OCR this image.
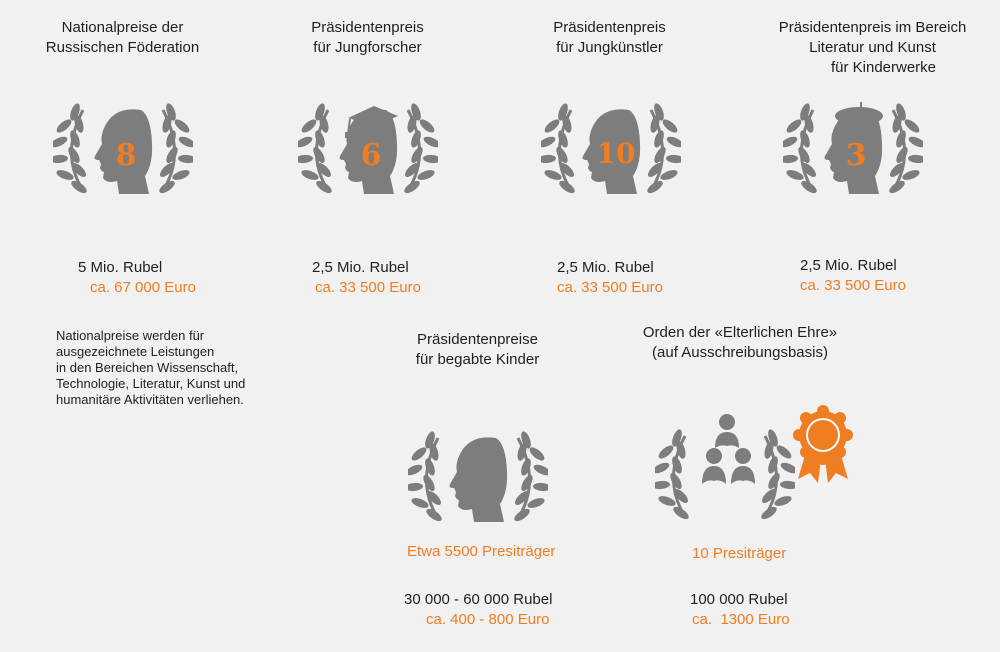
Nationalpreise der
Russischen Föderation
8
5 Mio. Rubel
ca. 67 000 Euro
Präsidentenpreis
für Jungforscher
6
2,5 Mio. Rubel
ca. 33 500 Euro
Präsidentenpreis
für Jungkünstler
10
2,5 Mio. Rubel
ca. 33 500 Euro
Präsidentenpreis im Bereich
Literatur und Kunst
für Kinderwerke
3
2,5 Mio. Rubel
ca. 33 500 Euro
Nationalpreise werden für
ausgezeichnete Leistungen
in den Bereichen Wissenschaft,
Technologie, Literatur, Kunst und
humanitäre Aktivitäten verliehen.
Präsidentenpreise
für begabte Kinder
Etwa 5500 Presiträger
30 000 - 60 000 Rubel
ca. 400 - 800 Euro
Orden der «Elterlichen Ehre»
(auf Ausschreibungsbasis)
10 Presiträger
100 000 Rubel
ca.  1300 Euro
